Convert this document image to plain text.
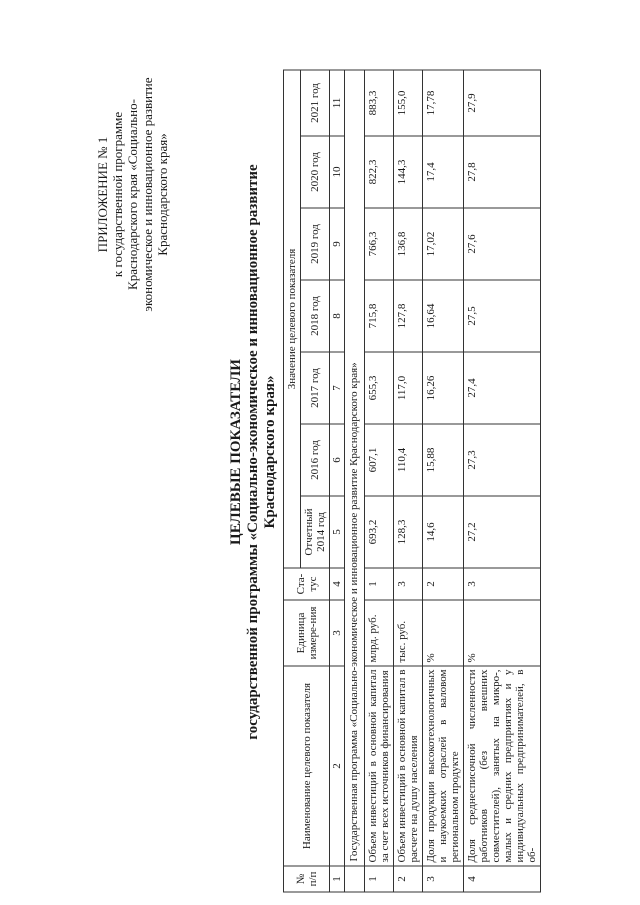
ПРИЛОЖЕНИЕ № 1 к государственной программе Краснодарского края «Социально- экономическое и инновационное развитие Краснодарского края»
ЦЕЛЕВЫЕ ПОКАЗАТЕЛИ государственной программы «Социально-экономическое и инновационное развитие Краснодарского края»
№ п/п	Наименование целевого показателя	Единица измере-ния	Ста-тус	Значение целевого показателя						
				Отчетный 2014 год	2016 год	2017 год	2018 год	2019 год	2020 год	2021 год
1	2	3	4	5	6	7	8	9	10	11
	Государственная программа «Социально-экономическое и инновационное развитие Краснодарского края»									
1	Объем инвестиций в основной капитал за счет всех источников финансирования	млрд. руб.	1	693,2	607,1	655,3	715,8	766,3	822,3	883,3
2	Объем инвестиций в основной капитал в расчете на душу населения	тыс. руб.	3	128,3	110,4	117,0	127,8	136,8	144,3	155,0
3	Доля продукции высокотехнологичных и наукоемких отраслей в валовом региональном продукте	%	2	14,6	15,88	16,26	16,64	17,02	17,4	17,78
4	Доля среднесписочной численности работников (без внешних совместителей), занятых на микро-, малых и средних предприятиях и у индивидуальных предпринимателей, в об-	%	3	27,2	27,3	27,4	27,5	27,6	27,8	27,9
